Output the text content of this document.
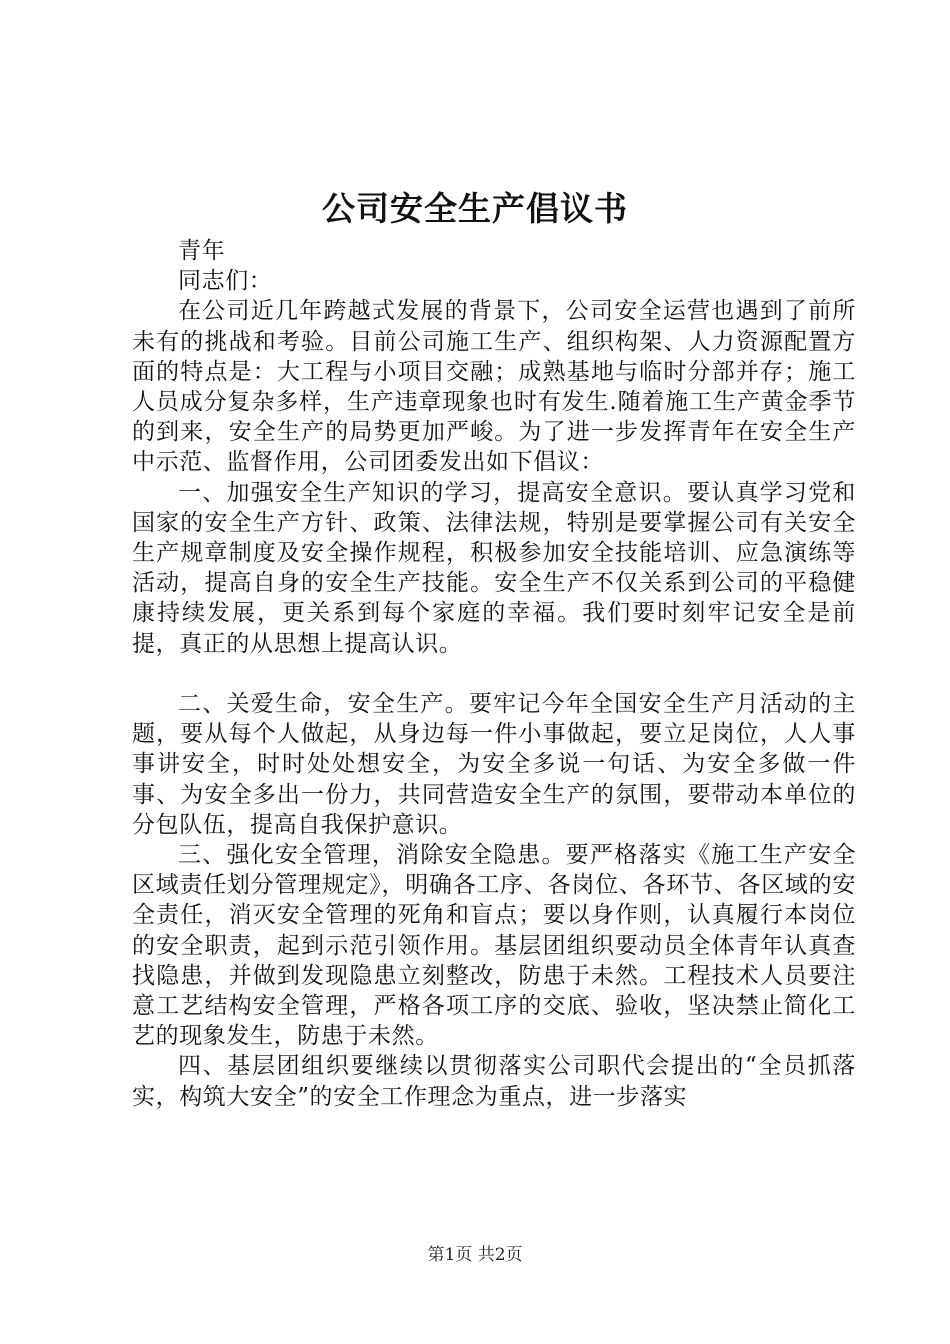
公司安全生产倡议书

青年

同志们：

在公司近几年跨越式发展的背景下，公司安全运营也遇到了前所未有的挑战和考验。目前公司施工生产、组织构架、人力资源配置方面的特点是：大工程与小项目交融；成熟基地与临时分部并存；施工人员成分复杂多样，生产违章现象也时有发生.随着施工生产黄金季节的到来，安全生产的局势更加严峻。为了进一步发挥青年在安全生产中示范、监督作用，公司团委发出如下倡议：

一、加强安全生产知识的学习，提高安全意识。要认真学习党和国家的安全生产方针、政策、法律法规，特别是要掌握公司有关安全生产规章制度及安全操作规程，积极参加安全技能培训、应急演练等活动，提高自身的安全生产技能。安全生产不仅关系到公司的平稳健康持续发展，更关系到每个家庭的幸福。我们要时刻牢记安全是前提，真正的从思想上提高认识。

二、关爱生命，安全生产。要牢记今年全国安全生产月活动的主题，要从每个人做起，从身边每一件小事做起，要立足岗位，人人事事讲安全，时时处处想安全，为安全多说一句话、为安全多做一件事、为安全多出一份力，共同营造安全生产的氛围，要带动本单位的分包队伍，提高自我保护意识。

三、强化安全管理，消除安全隐患。要严格落实《施工生产安全区域责任划分管理规定》，明确各工序、各岗位、各环节、各区域的安全责任，消灭安全管理的死角和盲点；要以身作则，认真履行本岗位的安全职责，起到示范引领作用。基层团组织要动员全体青年认真查找隐患，并做到发现隐患立刻整改，防患于未然。工程技术人员要注意工艺结构安全管理，严格各项工序的交底、验收，坚决禁止简化工艺的现象发生，防患于未然。

四、基层团组织要继续以贯彻落实公司职代会提出的“全员抓落实，构筑大安全”的安全工作理念为重点，进一步落实

第1页 共2页
